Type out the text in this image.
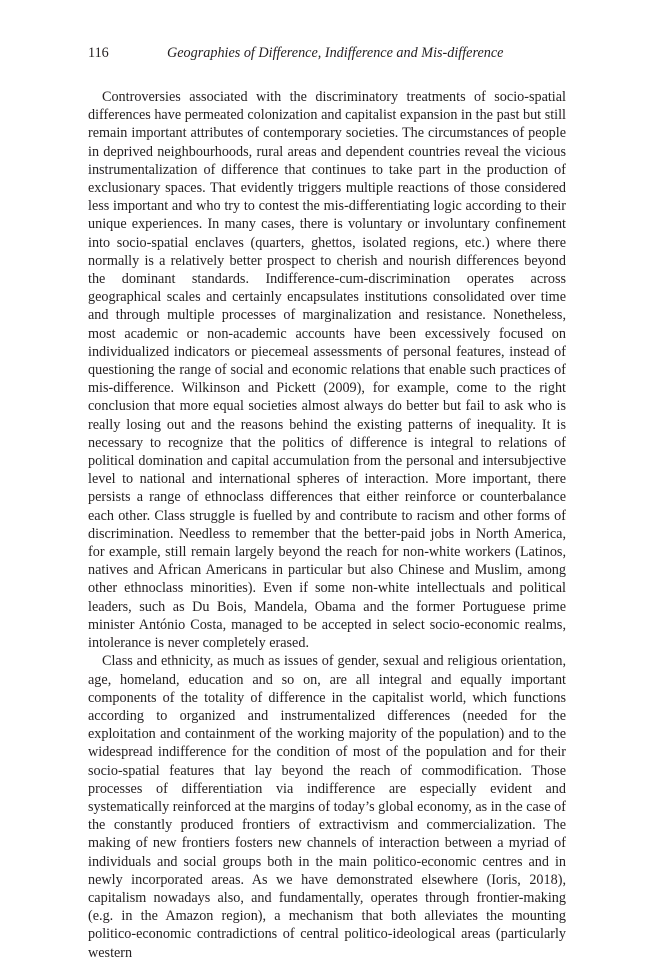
116	Geographies of Difference, Indifference and Mis-difference

Controversies associated with the discriminatory treatments of socio-spatial differences have permeated colonization and capitalist expansion in the past but still remain important attributes of contemporary societies. The circumstances of people in deprived neighbourhoods, rural areas and dependent countries reveal the vicious instrumentalization of difference that continues to take part in the production of exclusionary spaces. That evidently triggers multiple reactions of those considered less important and who try to contest the mis-differentiating logic according to their unique experiences. In many cases, there is voluntary or involuntary confinement into socio-spatial enclaves (quarters, ghettos, isolated regions, etc.) where there normally is a relatively better prospect to cherish and nourish differences beyond the dominant standards. Indifference-cum-discrimination operates across geographical scales and certainly encapsulates institutions consolidated over time and through multiple processes of marginalization and resistance. Nonetheless, most academic or non-academic accounts have been excessively focused on individualized indicators or piecemeal assessments of personal features, instead of questioning the range of social and economic relations that enable such practices of mis-difference. Wilkinson and Pickett (2009), for example, come to the right conclusion that more equal societies almost always do better but fail to ask who is really losing out and the reasons behind the existing patterns of inequality. It is necessary to recognize that the politics of difference is integral to relations of political domination and capital accumulation from the personal and intersubjective level to national and international spheres of interaction. More important, there persists a range of ethnoclass differences that either reinforce or counterbalance each other. Class struggle is fuelled by and contribute to racism and other forms of discrimination. Needless to remember that the better-paid jobs in North America, for example, still remain largely beyond the reach for non-white workers (Latinos, natives and African Americans in particular but also Chinese and Muslim, among other ethnoclass minorities). Even if some non-white intellectuals and political leaders, such as Du Bois, Mandela, Obama and the former Portuguese prime minister António Costa, managed to be accepted in select socio-economic realms, intolerance is never completely erased.

Class and ethnicity, as much as issues of gender, sexual and religious orientation, age, homeland, education and so on, are all integral and equally important components of the totality of difference in the capitalist world, which functions according to organized and instrumentalized differences (needed for the exploitation and containment of the working majority of the population) and to the widespread indifference for the condition of most of the population and for their socio-spatial features that lay beyond the reach of commodification. Those processes of differentiation via indifference are especially evident and systematically reinforced at the margins of today’s global economy, as in the case of the constantly produced frontiers of extractivism and commercialization. The making of new frontiers fosters new channels of interaction between a myriad of individuals and social groups both in the main politico-economic centres and in newly incorporated areas. As we have demonstrated elsewhere (Ioris, 2018), capitalism nowadays also, and fundamentally, operates through frontier-making (e.g. in the Amazon region), a mechanism that both alleviates the mounting politico-economic contradictions of central politico-ideological areas (particularly western
